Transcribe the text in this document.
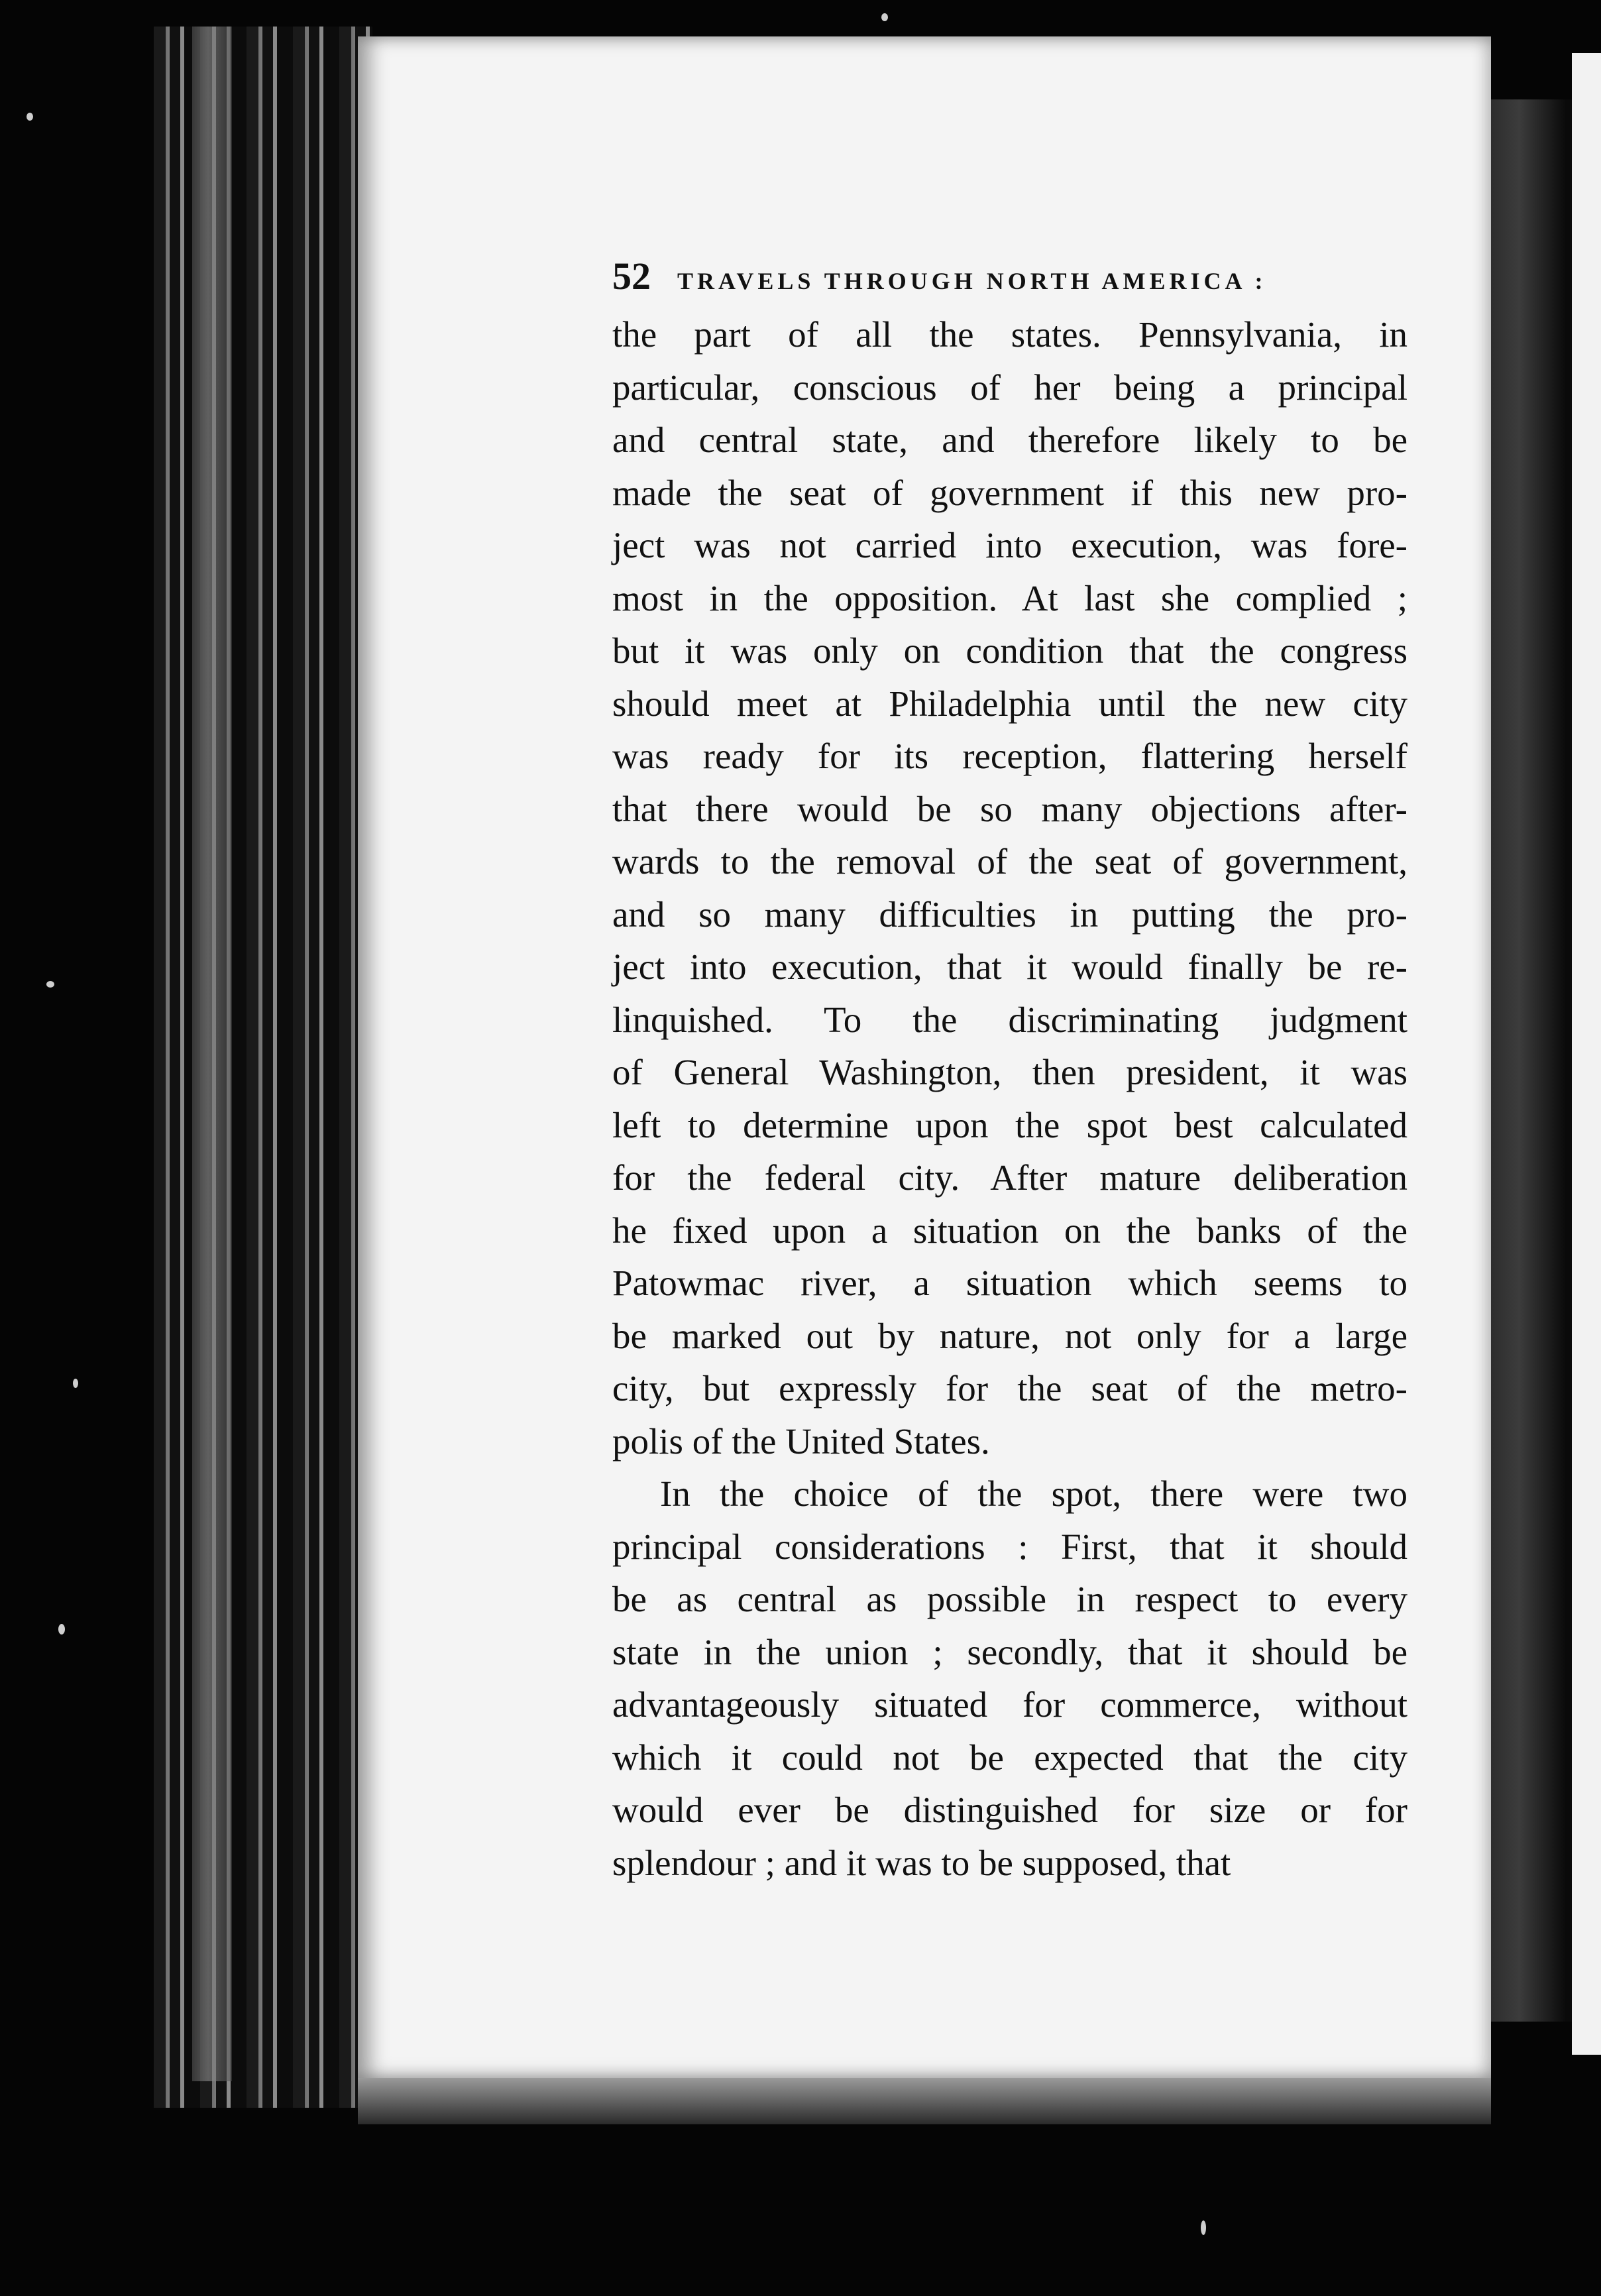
52 TRAVELS THROUGH NORTH AMERICA :
the part of all the states. Pennsylvania, in
particular, conscious of her being a principal
and central state, and therefore likely to be
made the seat of government if this new pro-
ject was not carried into execution, was fore-
most in the opposition. At last she complied ;
but it was only on condition that the congress
should meet at Philadelphia until the new city
was ready for its reception, flattering herself
that there would be so many objections after-
wards to the removal of the seat of government,
and so many difficulties in putting the pro-
ject into execution, that it would finally be re-
linquished. To the discriminating judgment
of General Washington, then president, it was
left to determine upon the spot best calculated
for the federal city. After mature deliberation
he fixed upon a situation on the banks of the
Patowmac river, a situation which seems to
be marked out by nature, not only for a large
city, but expressly for the seat of the metro-
polis of the United States.
In the choice of the spot, there were two
principal considerations : First, that it should
be as central as possible in respect to every
state in the union ; secondly, that it should be
advantageously situated for commerce, without
which it could not be expected that the city
would ever be distinguished for size or for
splendour ; and it was to be supposed, that
